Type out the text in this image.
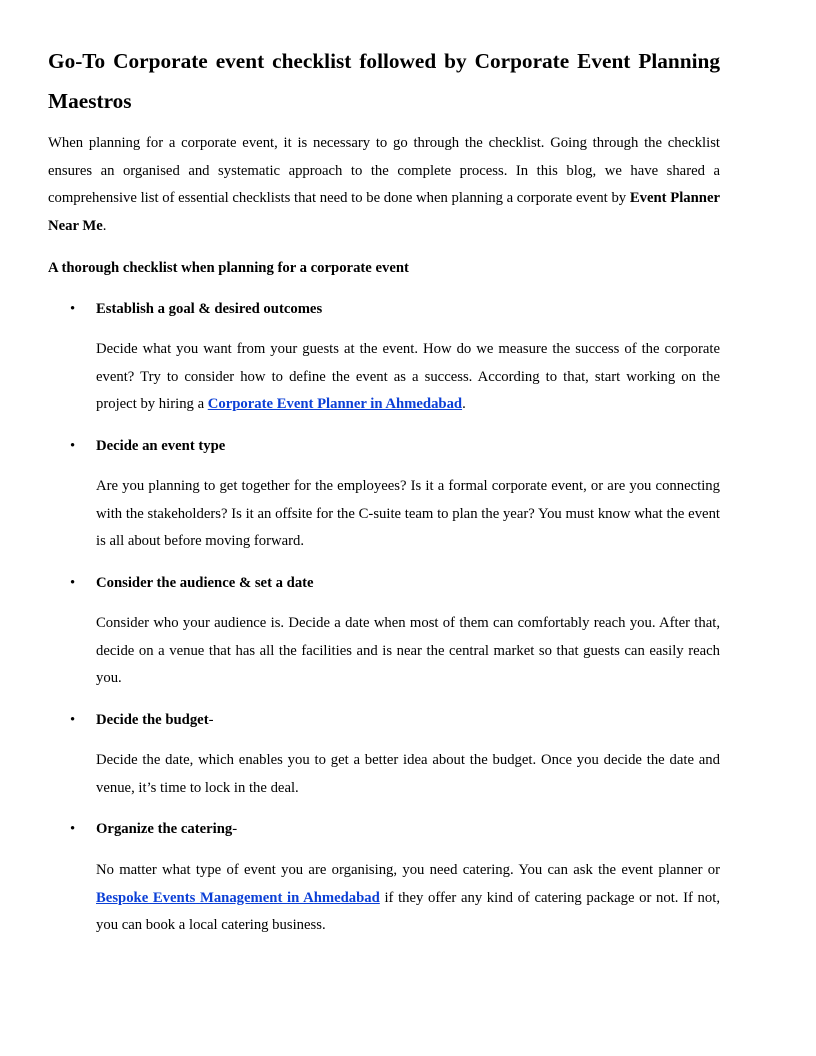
Go-To Corporate event checklist followed by Corporate Event Planning
Maestros

When planning for a corporate event, it is necessary to go through the checklist. Going through the checklist ensures an organised and systematic approach to the complete process. In this blog, we have shared a comprehensive list of essential checklists that need to be done when planning a corporate event by Event Planner Near Me.

A thorough checklist when planning for a corporate event

• Establish a goal & desired outcomes

Decide what you want from your guests at the event. How do we measure the success of the corporate event? Try to consider how to define the event as a success. According to that, start working on the project by hiring a Corporate Event Planner in Ahmedabad.

• Decide an event type

Are you planning to get together for the employees? Is it a formal corporate event, or are you connecting with the stakeholders? Is it an offsite for the C-suite team to plan the year? You must know what the event is all about before moving forward.

• Consider the audience & set a date

Consider who your audience is. Decide a date when most of them can comfortably reach you. After that, decide on a venue that has all the facilities and is near the central market so that guests can easily reach you.

• Decide the budget-

Decide the date, which enables you to get a better idea about the budget. Once you decide the date and venue, it’s time to lock in the deal.

• Organize the catering-

No matter what type of event you are organising, you need catering. You can ask the event planner or Bespoke Events Management in Ahmedabad if they offer any kind of catering package or not. If not, you can book a local catering business.
